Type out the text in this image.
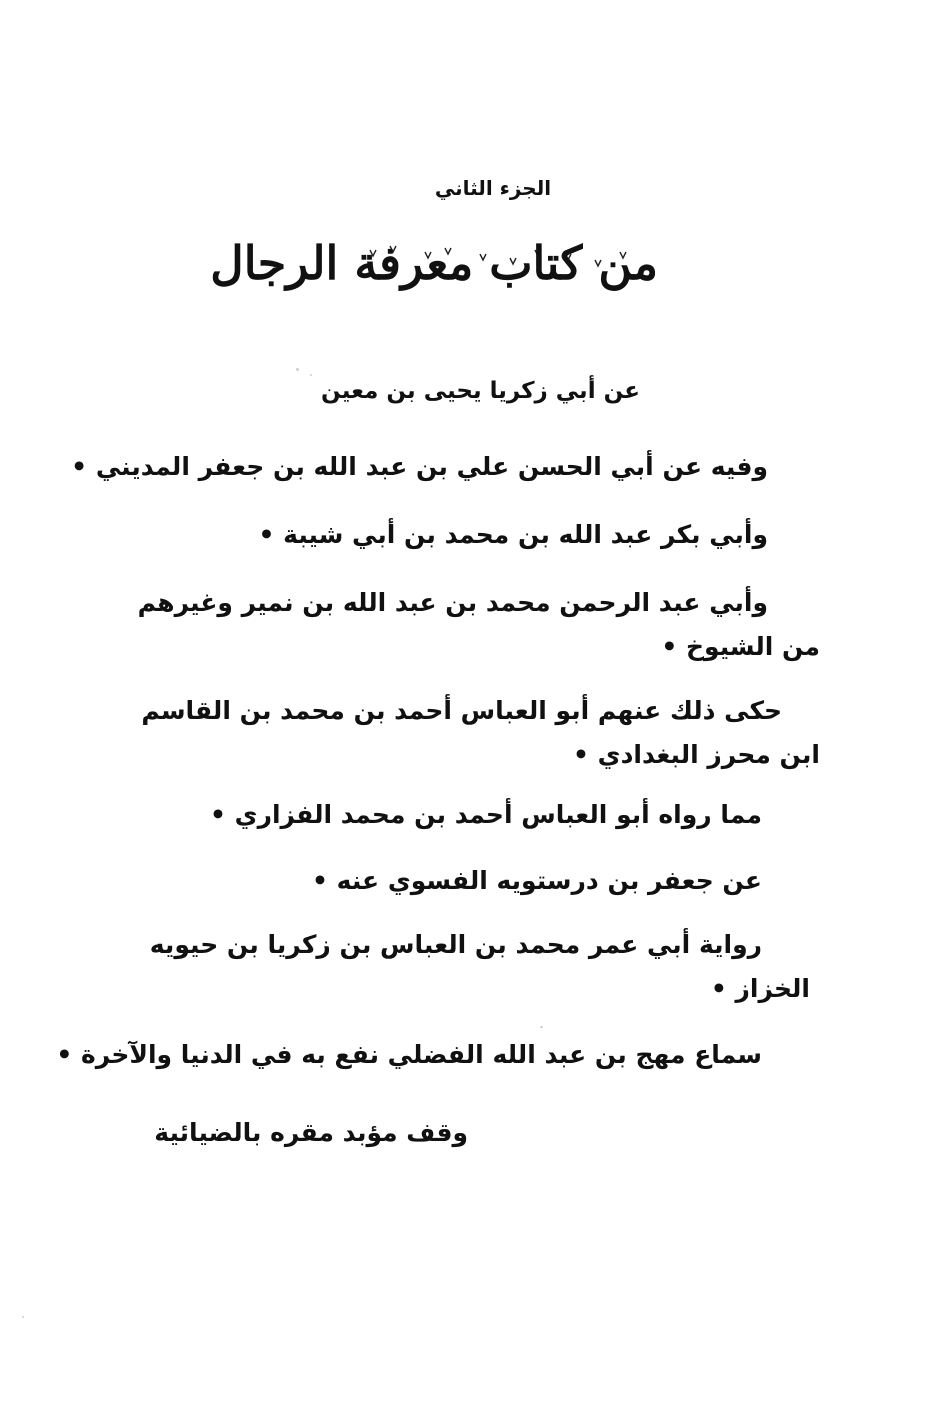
الجزء الثاني
من كتاب معرفة الرجال
عن أبي زكريا يحيى بن معين
وفيه عن أبي الحسن علي بن عبد الله بن جعفر المديني •
وأبي بكر عبد الله بن محمد بن أبي شيبة •
وأبي عبد الرحمن محمد بن عبد الله بن نمير وغيرهم
من الشيوخ •
حكى ذلك عنهم أبو العباس أحمد بن محمد بن القاسم
ابن محرز البغدادي •
مما رواه أبو العباس أحمد بن محمد الفزاري •
عن جعفر بن درستويه الفسوي عنه •
رواية أبي عمر محمد بن العباس بن زكريا بن حيويه
الخزاز •
سماع مهج بن عبد الله الفضلي نفع به في الدنيا والآخرة •
وقف مؤبد مقره بالضيائية
